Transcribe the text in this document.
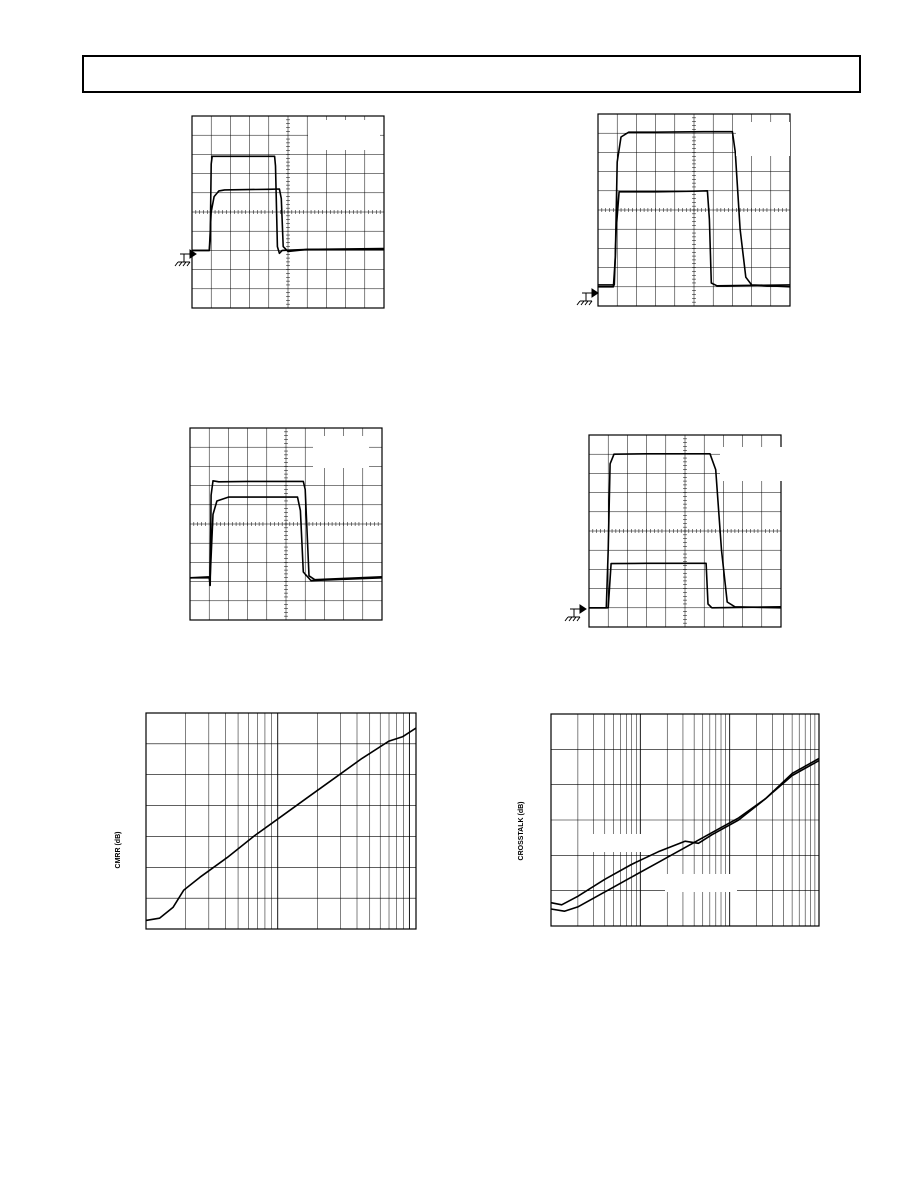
CMRR (dB)	CROSSTALK (dB)
